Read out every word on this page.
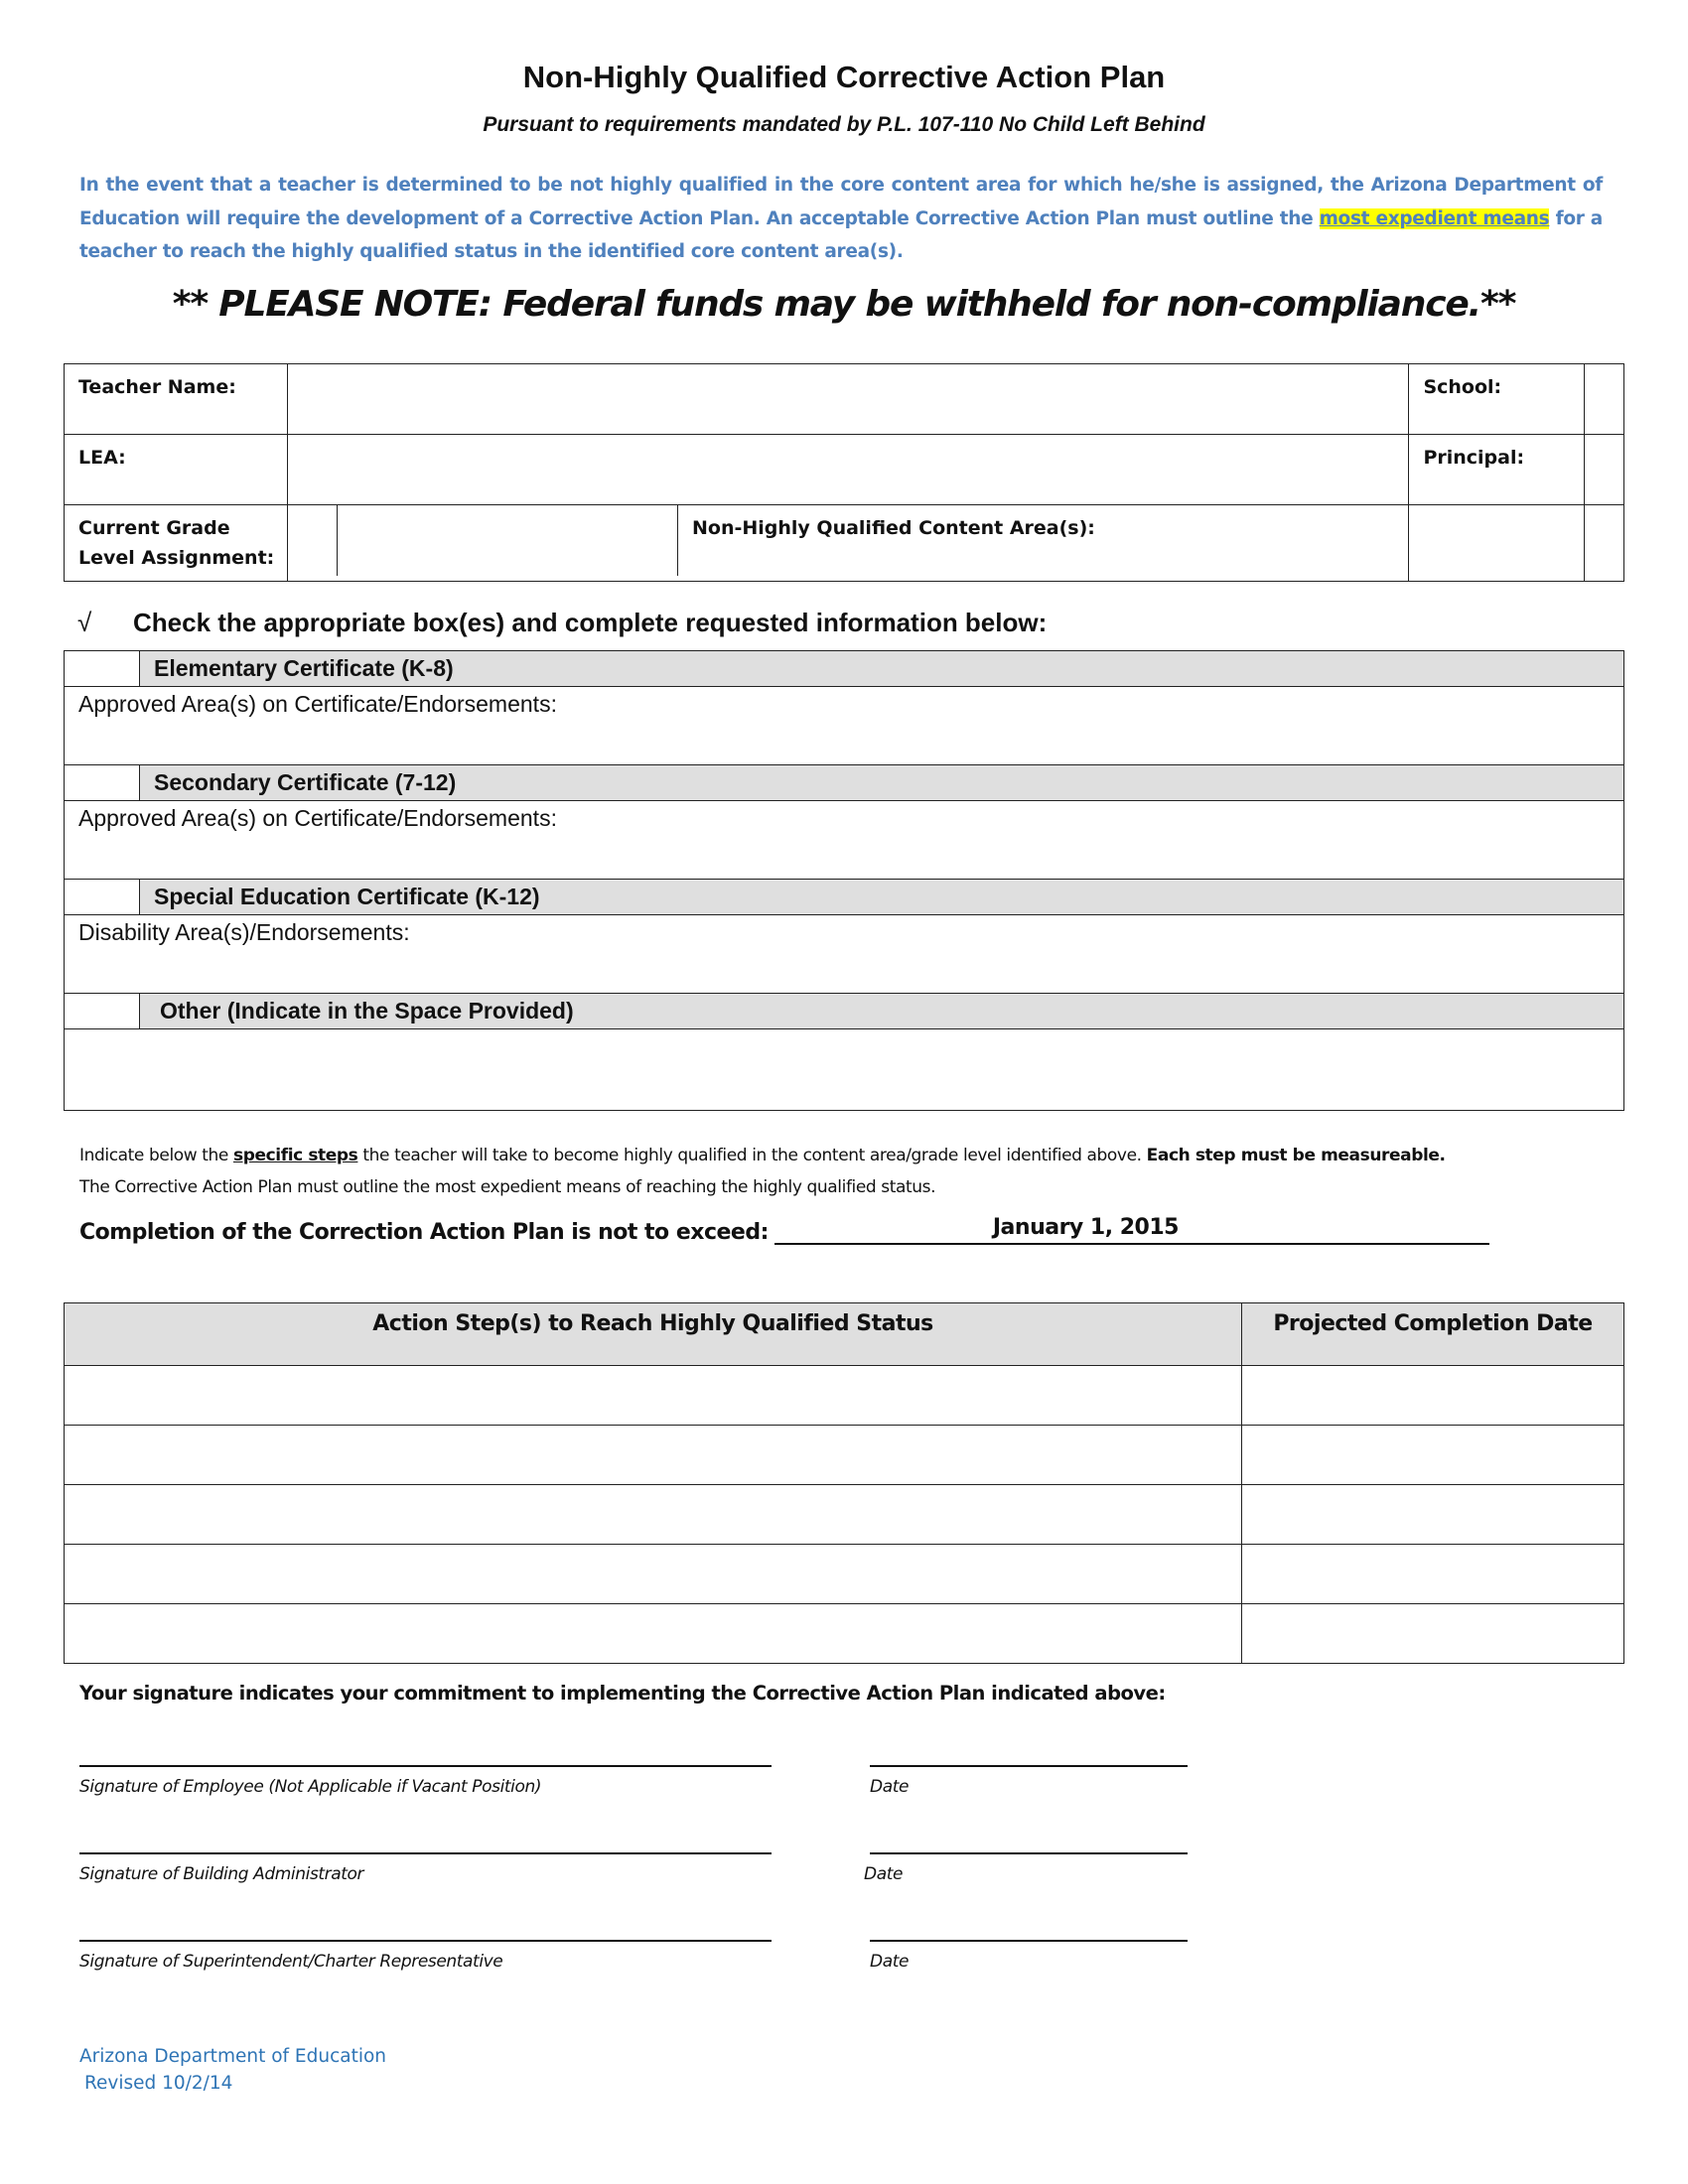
Non-Highly Qualified Corrective Action Plan
Pursuant to requirements mandated by P.L. 107-110 No Child Left Behind
In the event that a teacher is determined to be not highly qualified in the core content area for which he/she is assigned, the Arizona Department of Education will require the development of a Corrective Action Plan. An acceptable Corrective Action Plan must outline the most expedient means for a teacher to reach the highly qualified status in the identified core content area(s).
** PLEASE NOTE: Federal funds may be withheld for non-compliance.**
Teacher Name:		School:	
LEA:		Principal:	

Current Grade Level Assignment:	Non-Highly Qualified Content Area(s):		

√ Check the appropriate box(es) and complete requested information below:
Elementary Certificate (K-8)
Approved Area(s) on Certificate/Endorsements:
Secondary Certificate (7-12)
Approved Area(s) on Certificate/Endorsements:
Special Education Certificate (K-12)
Disability Area(s)/Endorsements:
Other (Indicate in the Space Provided)
Indicate below the specific steps the teacher will take to become highly qualified in the content area/grade level identified above. Each step must be measureable.
The Corrective Action Plan must outline the most expedient means of reaching the highly qualified status.
Completion of the Correction Action Plan is not to exceed:	January 1, 2015
Action Step(s) to Reach Highly Qualified Status	Projected Completion Date

Your signature indicates your commitment to implementing the Corrective Action Plan indicated above:
Signature of Employee (Not Applicable if Vacant Position)	Date
Signature of Building Administrator	Date
Signature of Superintendent/Charter Representative	Date
Arizona Department of Education
Revised 10/2/14
